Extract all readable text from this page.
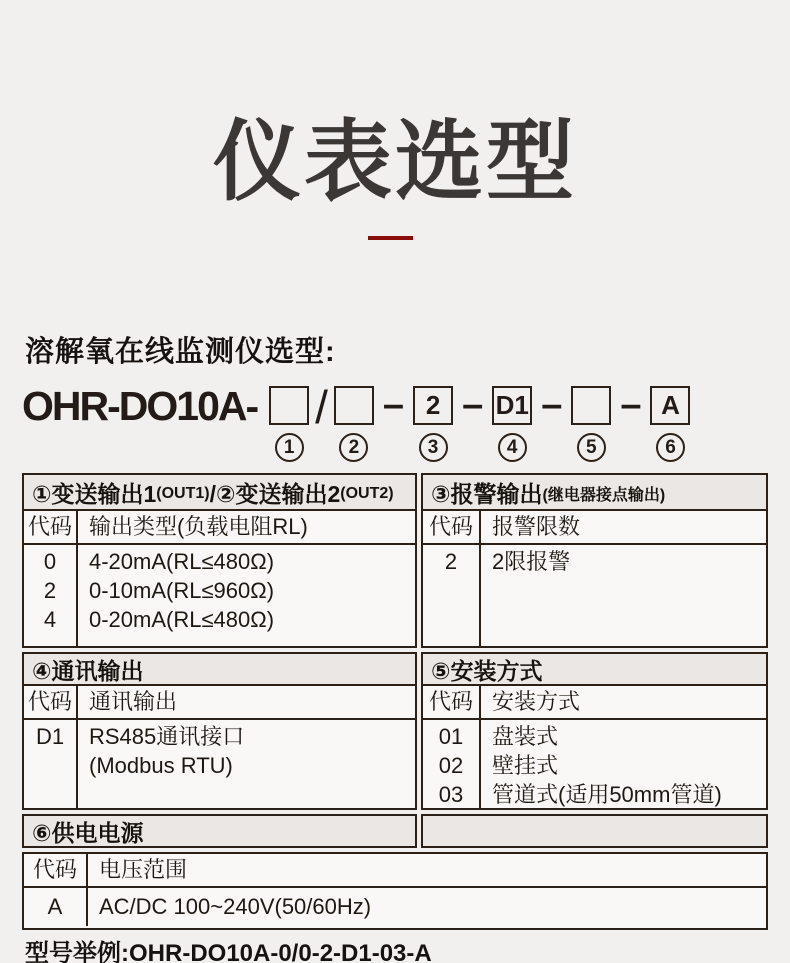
仪表选型
溶解氧在线监测仪选型:
OHR-DO10A-
1
/
2
– 2
3
– D1
4
–
5
– A
6
①变送输出1 (OUT1) /②变送输出2 (OUT2)
代码 输出类型(负载电阻RL)
0
2
4
4-20mA(RL≤480Ω)
0-10mA(RL≤960Ω)
0-20mA(RL≤480Ω)
③报警输出 (继电器接点输出)
代码 报警限数
2 2限报警
④通讯输出
代码 通讯输出
D1 RS485通讯接口
(Modbus RTU)
⑤安装方式
代码 安装方式
01
02
03
盘装式
壁挂式
管道式(适用50mm管道)
⑥供电电源
代码	电压范围
A AC/DC 100~240V(50/60Hz)
型号举例:OHR-DO10A-0/0-2-D1-03-A
